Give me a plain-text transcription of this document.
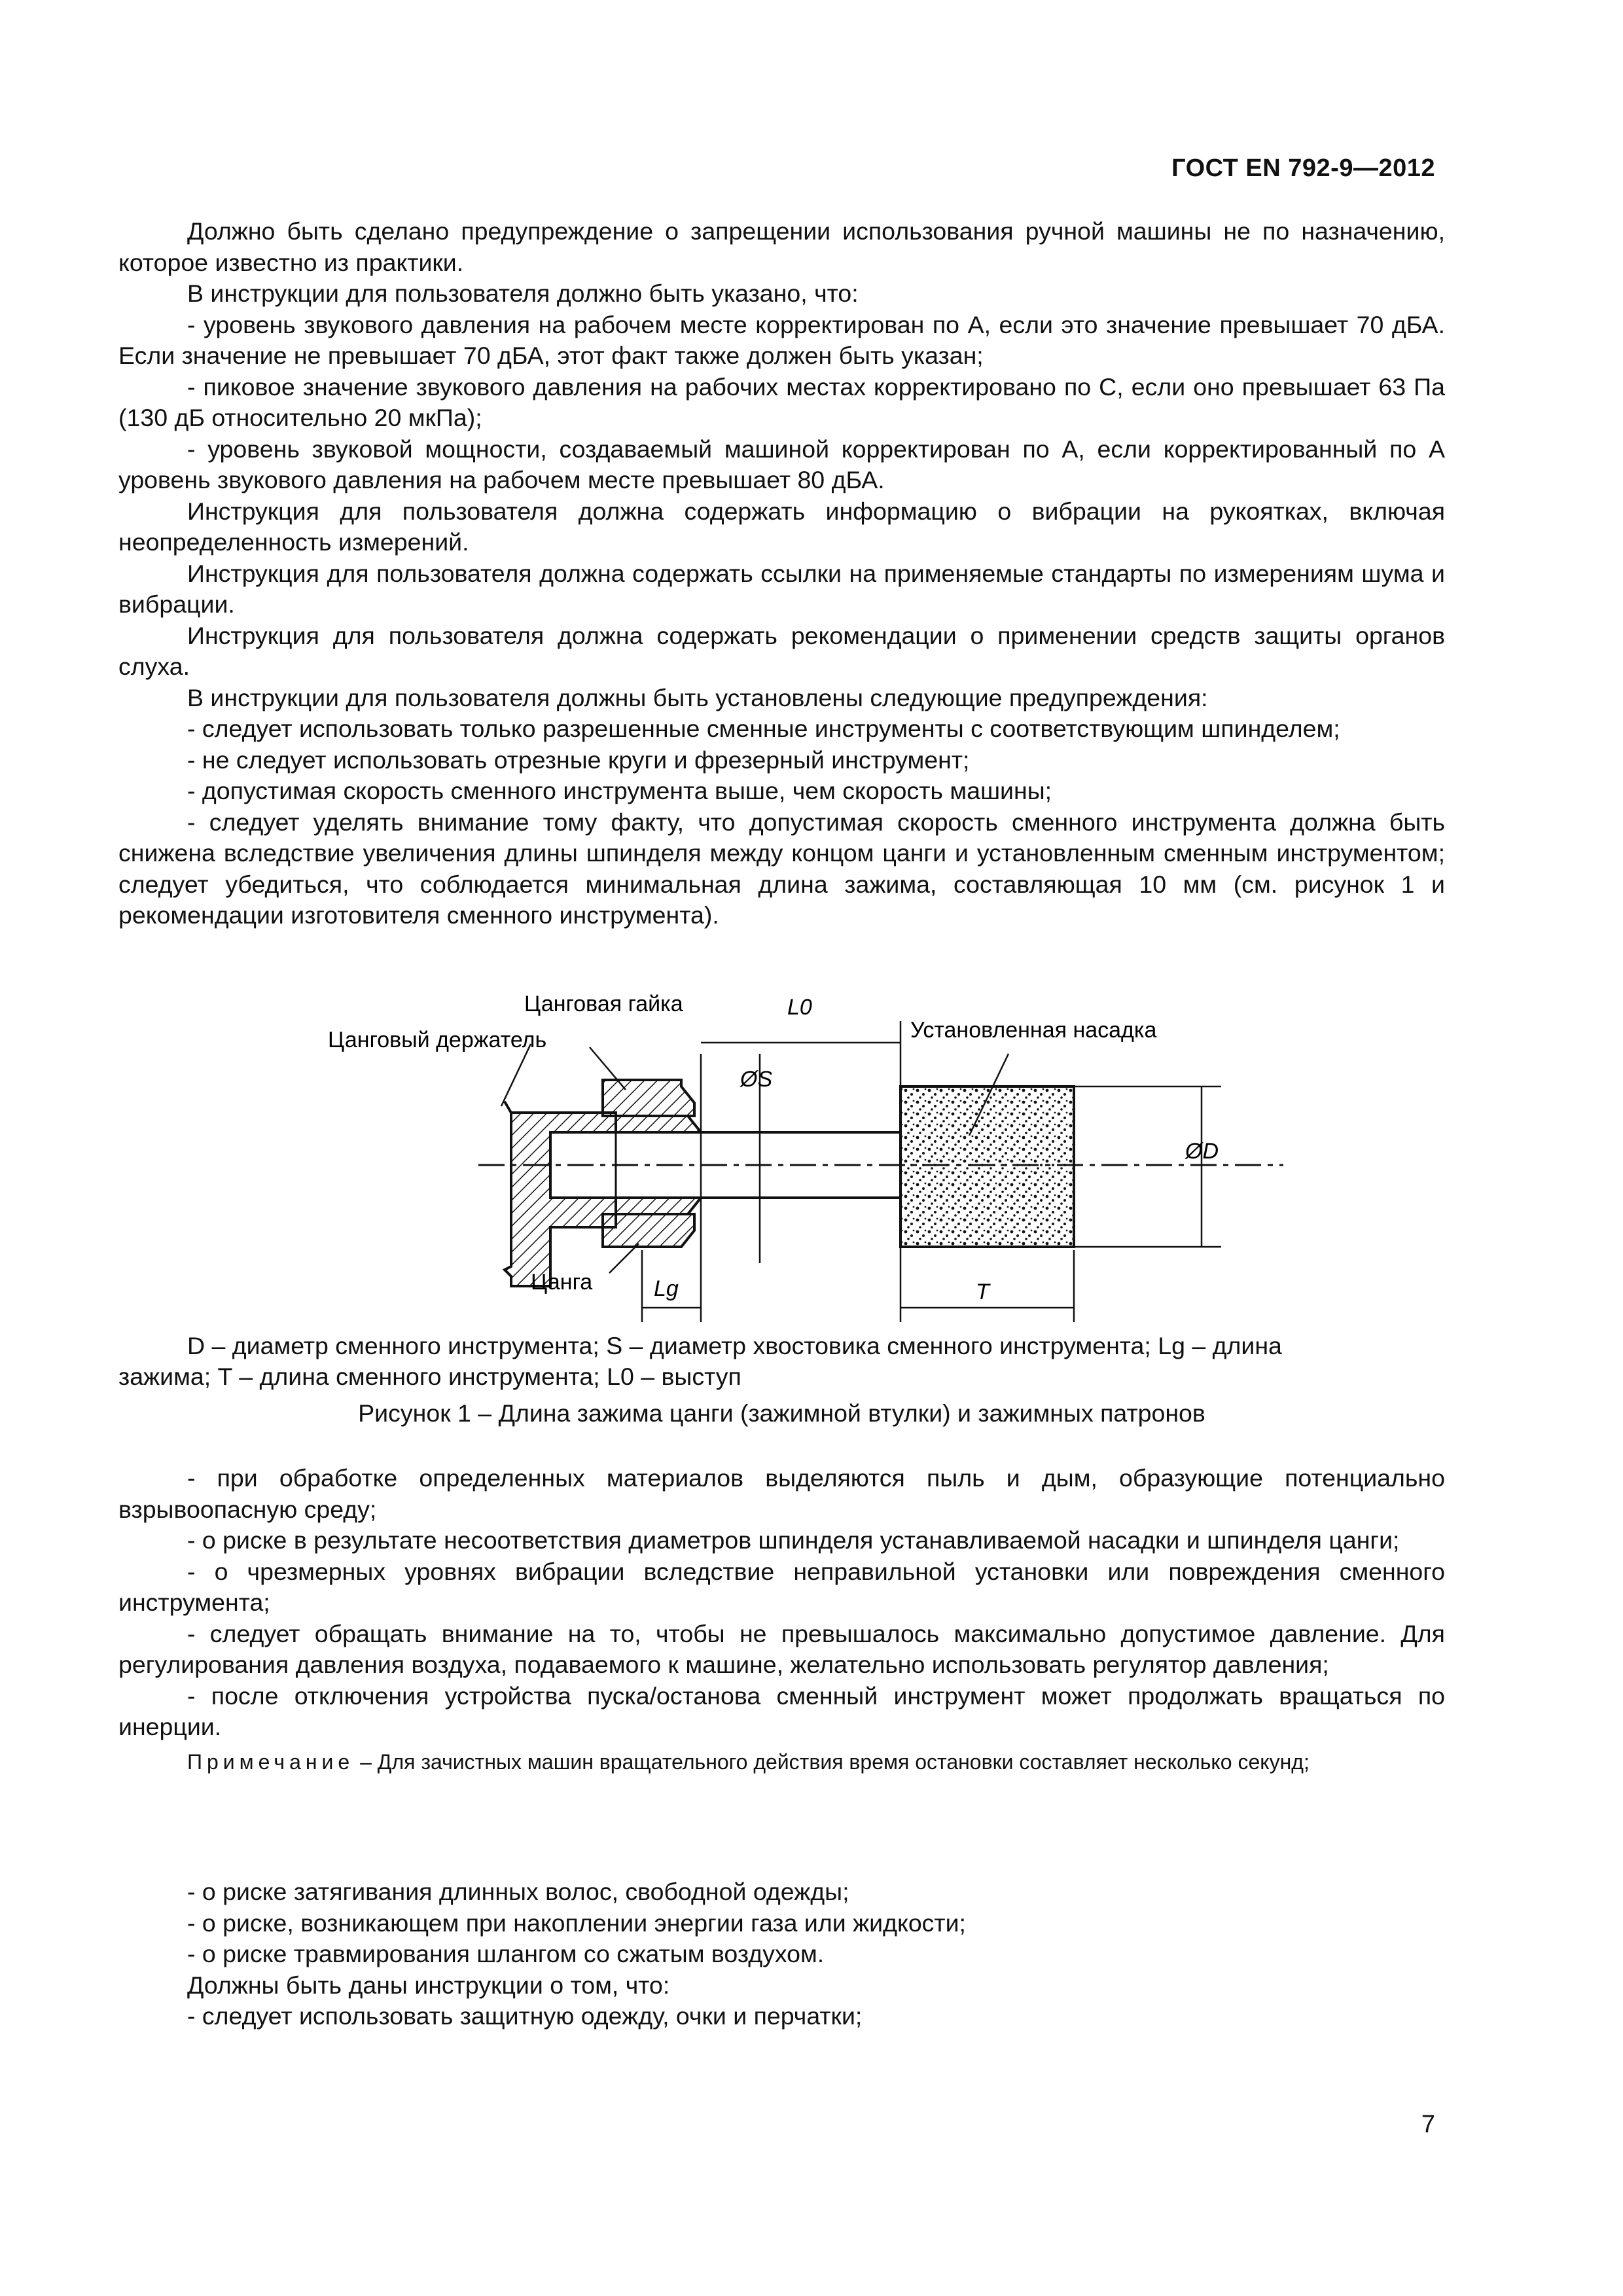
ГОСТ EN 792-9—2012

Должно быть сделано предупреждение о запрещении использования ручной машины не по назначению, которое известно из практики.

В инструкции для пользователя должно быть указано, что:

- уровень звукового давления на рабочем месте корректирован по А, если это значение превышает 70 дБА. Если значение не превышает 70 дБА, этот факт также должен быть указан;

- пиковое значение звукового давления на рабочих местах корректировано по С, если оно превышает 63 Па (130 дБ относительно 20 мкПа);

- уровень звуковой мощности, создаваемый машиной корректирован по А, если корректированный по А уровень звукового давления на рабочем месте превышает 80 дБА.

Инструкция для пользователя должна содержать информацию о вибрации на рукоятках, включая неопределенность измерений.

Инструкция для пользователя должна содержать ссылки на применяемые стандарты по измерениям шума и вибрации.

Инструкция для пользователя должна содержать рекомендации о применении средств защиты органов слуха.

В инструкции для пользователя должны быть установлены следующие предупреждения:

- следует использовать только разрешенные сменные инструменты с соответствующим шпинделем;

- не следует использовать отрезные круги и фрезерный инструмент;

- допустимая скорость сменного инструмента выше, чем скорость машины;

- следует уделять внимание тому факту, что допустимая скорость сменного инструмента должна быть снижена вследствие увеличения длины шпинделя между концом цанги и установленным сменным инструментом; следует убедиться, что соблюдается минимальная длина зажима, составляющая 10 мм (см. рисунок 1 и рекомендации изготовителя сменного инструмента).

Цанговая гайка
Цанговый держатель	Установленная насадка
Цанга
L0
ØS
ØD
Lg	T

D – диаметр сменного инструмента; S – диаметр хвостовика сменного инструмента; Lg – длина

зажима; T – длина сменного инструмента; L0 – выступ

Рисунок 1 – Длина зажима цанги (зажимной втулки) и зажимных патронов

- при обработке определенных материалов выделяются пыль и дым, образующие потенциально взрывоопасную среду;

- о риске в результате несоответствия диаметров шпинделя устанавливаемой насадки и шпинделя цанги;

- о чрезмерных уровнях вибрации вследствие неправильной установки или повреждения сменного инструмента;

- следует обращать внимание на то, чтобы не превышалось максимально допустимое давление. Для регулирования давления воздуха, подаваемого к машине, желательно использовать регулятор давления;

- после отключения устройства пуска/останова сменный инструмент может продолжать вращаться по инерции.

Примечание – Для зачистных машин вращательного действия время остановки составляет несколько секунд;

- о риске затягивания длинных волос, свободной одежды;

- о риске, возникающем при накоплении энергии газа или жидкости;

- о риске травмирования шлангом со сжатым воздухом.

Должны быть даны инструкции о том, что:

- следует использовать защитную одежду, очки и перчатки;

7
